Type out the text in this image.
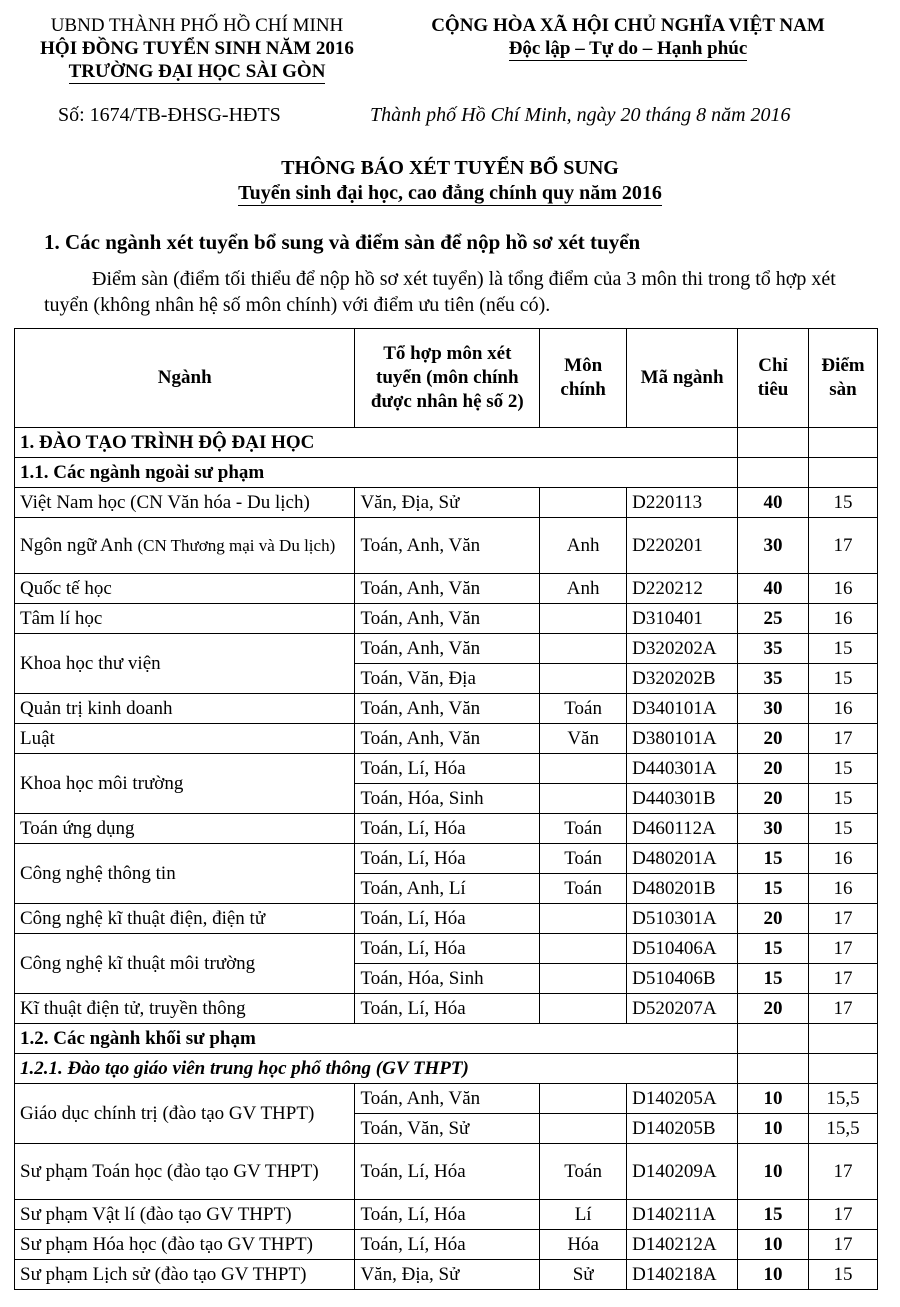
UBND THÀNH PHỐ HỒ CHÍ MINH
HỘI ĐỒNG TUYỂN SINH NĂM 2016
TRƯỜNG ĐẠI HỌC SÀI GÒN
CỘNG HÒA XÃ HỘI CHỦ NGHĨA VIỆT NAM
Độc lập – Tự do – Hạnh phúc
Số: 1674/TB-ĐHSG-HĐTS	Thành phố Hồ Chí Minh, ngày 20 tháng 8 năm 2016
THÔNG BÁO XÉT TUYỂN BỔ SUNG
Tuyển sinh đại học, cao đẳng chính quy năm 2016
1. Các ngành xét tuyển bổ sung và điểm sàn để nộp hồ sơ xét tuyển
Điểm sàn (điểm tối thiểu để nộp hồ sơ xét tuyển) là tổng điểm của 3 môn thi trong tổ hợp xét tuyển (không nhân hệ số môn chính) với điểm ưu tiên (nếu có).
Ngành	Tổ hợp môn xét tuyển (môn chính được nhân hệ số 2)	Môn chính	Mã ngành	Chỉ tiêu	Điểm sàn
1. ĐÀO TẠO TRÌNH ĐỘ ĐẠI HỌC					
1.1. Các ngành ngoài sư phạm					
Việt Nam học (CN Văn hóa - Du lịch)	Văn, Địa, Sử		D220113	40	15
Ngôn ngữ Anh (CN Thương mại và Du lịch)	Toán, Anh, Văn	Anh	D220201	30	17
Quốc tế học	Toán, Anh, Văn	Anh	D220212	40	16
Tâm lí học	Toán, Anh, Văn		D310401	25	16
Khoa học thư viện	Toán, Anh, Văn		D320202A	35	15
	Toán, Văn, Địa		D320202B	35	15
Quản trị kinh doanh	Toán, Anh, Văn	Toán	D340101A	30	16
Luật	Toán, Anh, Văn	Văn	D380101A	20	17
Khoa học môi trường	Toán, Lí, Hóa		D440301A	20	15
	Toán, Hóa, Sinh		D440301B	20	15
Toán ứng dụng	Toán, Lí, Hóa	Toán	D460112A	30	15
Công nghệ thông tin	Toán, Lí, Hóa	Toán	D480201A	15	16
	Toán, Anh, Lí	Toán	D480201B	15	16
Công nghệ kĩ thuật điện, điện tử	Toán, Lí, Hóa		D510301A	20	17
Công nghệ kĩ thuật môi trường	Toán, Lí, Hóa		D510406A	15	17
	Toán, Hóa, Sinh		D510406B	15	17
Kĩ thuật điện tử, truyền thông	Toán, Lí, Hóa		D520207A	20	17
1.2. Các ngành khối sư phạm					
1.2.1. Đào tạo giáo viên trung học phổ thông (GV THPT)					
Giáo dục chính trị (đào tạo GV THPT)	Toán, Anh, Văn		D140205A	10	15,5
	Toán, Văn, Sử		D140205B	10	15,5
Sư phạm Toán học (đào tạo GV THPT)	Toán, Lí, Hóa	Toán	D140209A	10	17
Sư phạm Vật lí (đào tạo GV THPT)	Toán, Lí, Hóa	Lí	D140211A	15	17
Sư phạm Hóa học (đào tạo GV THPT)	Toán, Lí, Hóa	Hóa	D140212A	10	17
Sư phạm Lịch sử (đào tạo GV THPT)	Văn, Địa, Sử	Sử	D140218A	10	15
